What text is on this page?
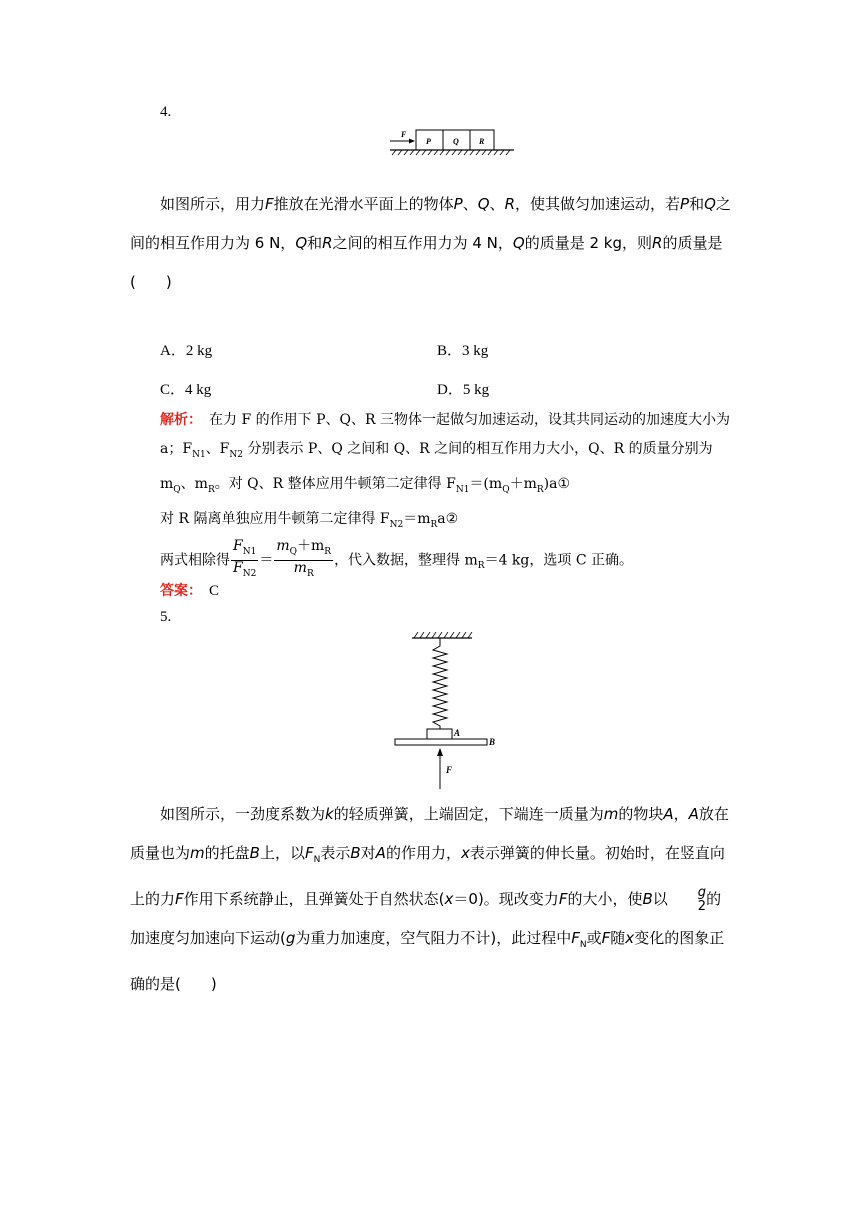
4.
F
P	Q	R

如图所示，用力F推放在光滑水平面上的物体P、Q、R，使其做匀加速运动，若P和Q之间的相互作用力为 6 N，Q和R之间的相互作用力为 4 N，Q的质量是 2 kg，则R的质量是(　　)

A．2 kg	B．3 kg
C．4 kg	D．5 kg

解析：　 在力 F 的作用下 P、Q、R 三物体一起做匀加速运动，设其共同运动的加速度大小为 a；$F_{N1}$、$F_{N2}$ 分别表示 P、Q 之间和 Q、R 之间的相互作用力大小，Q、R 的质量分别为 $m_Q$、$m_R$。对 Q、R 整体应用牛顿第二定律得 $F_{N1}=(m_Q+m_R)a①$

对 R 隔离单独应用牛顿第二定律得 $F_{N2}=m_Ra②$

两式相除得 $\frac{F_{N1}}{F_{N2}} = \frac{m_Q+m_R}{m_R}$ ，代入数据，整理得 $m_R=4$ kg，选项 C 正确。

答案：　 C
5.
A
B
F

如图所示，一劲度系数为k的轻质弹簧，上端固定，下端连一质量为m的物块A，A放在质量也为m的托盘B上，以$F_N$表示B对A的作用力，x表示弹簧的伸长量。初始时，在竖直向上的力F作用下系统静止，且弹簧处于自然状态(x＝0)。现改变力F的大小，使B以	g
2 的加速度匀加速向下运动(g为重力加速度，空气阻力不计)，此过程中$F_N$或F随x变化的图象正确的是(　　)
